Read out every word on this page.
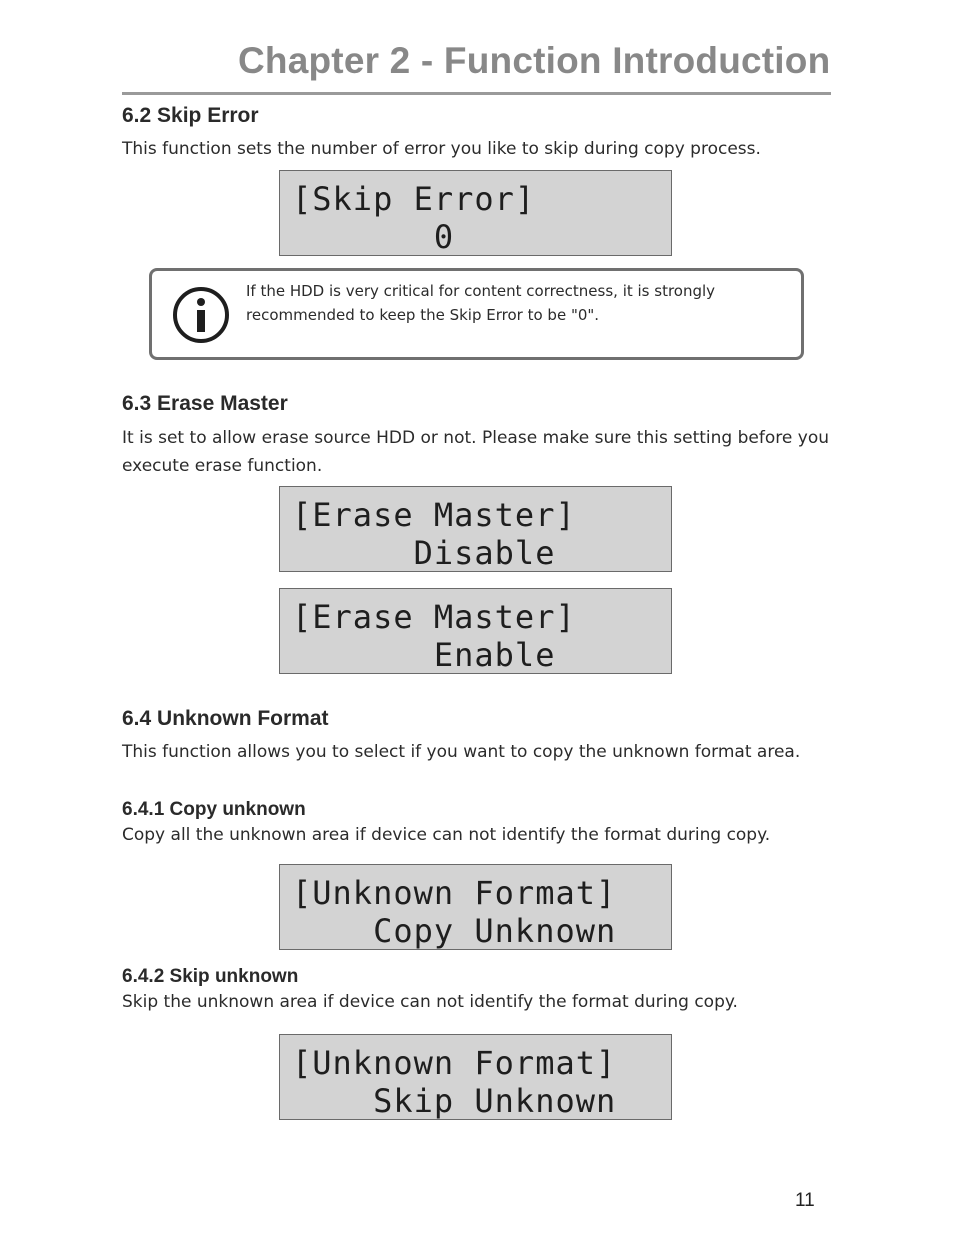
Chapter 2 - Function Introduction
6.2 Skip Error
This function sets the number of error you like to skip during copy process.
[Skip Error]
0
If the HDD is very critical for content correctness, it is strongly recommended to keep the Skip Error to be "0".
6.3 Erase Master
It is set to allow erase source HDD or not. Please make sure this setting before you execute erase function.
[Erase Master]
Disable
[Erase Master]
Enable
6.4 Unknown Format
This function allows you to select if you want to copy the unknown format area.
6.4.1 Copy unknown
Copy all the unknown area if device can not identify the format during copy.
[Unknown Format]
Copy Unknown
6.4.2 Skip unknown
Skip the unknown area if device can not identify the format during copy.
[Unknown Format]
Skip Unknown
11
